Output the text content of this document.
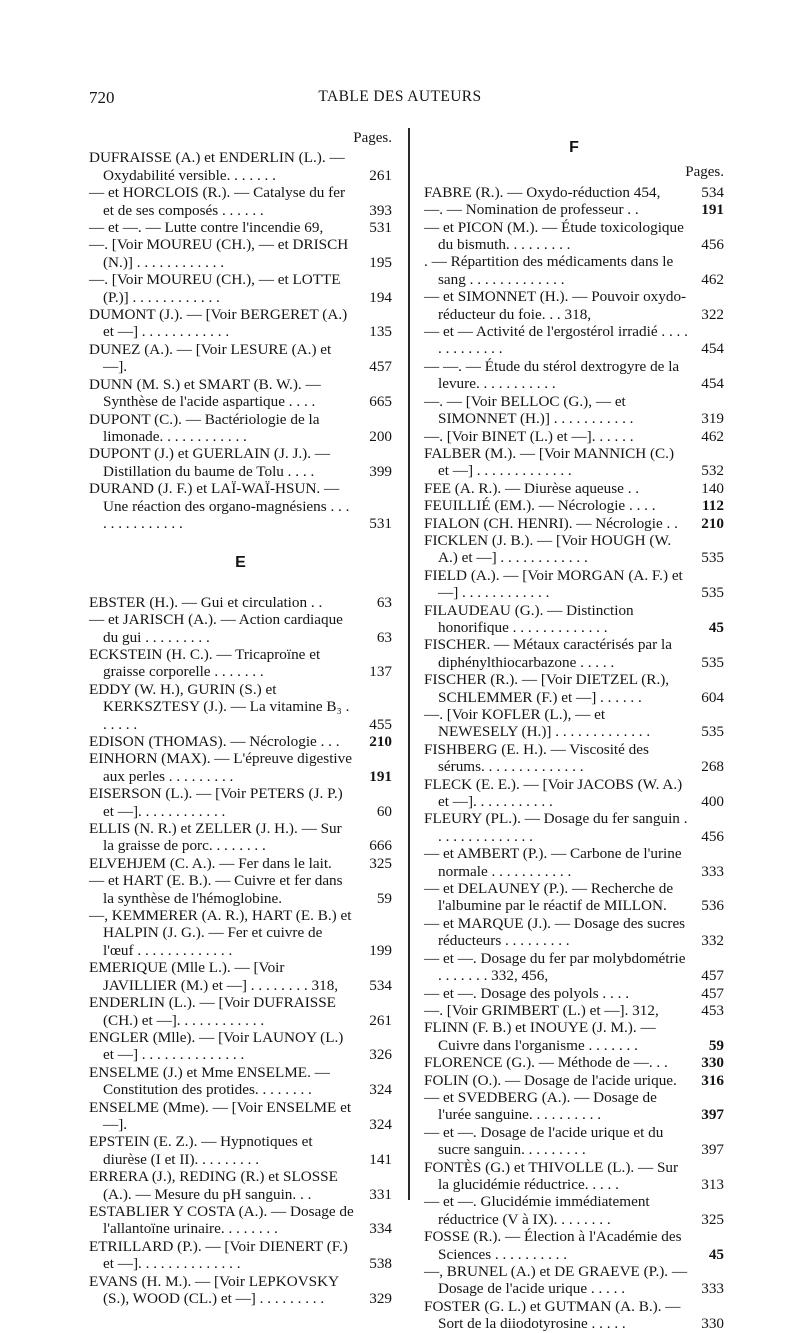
720	TABLE DES AUTEURS
Pages.
DUFRAISSE (A.) et ENDERLIN (L.). — Oxydabilité versible. . . . . . .	261
— et HORCLOIS (R.). — Catalyse du fer et de ses composés . . . . . .	393
— et —. — Lutte contre l'incendie 69,	531
—. [Voir MOUREU (CH.), — et DRISCH (N.)] . . . . . . . . . . . .	195
—. [Voir MOUREU (CH.), — et LOTTE (P.)] . . . . . . . . . . . .	194
DUMONT (J.). — [Voir BERGERET (A.) et —] . . . . . . . . . . . .	135
DUNEZ (A.). — [Voir LESURE (A.) et —].	457
DUNN (M. S.) et SMART (B. W.). — Synthèse de l'acide aspartique . . . .	665
DUPONT (C.). — Bactériologie de la limonade. . . . . . . . . . . .	200
DUPONT (J.) et GUERLAIN (J. J.). — Distillation du baume de Tolu . . . .	399
DURAND (J. F.) et LAÏ-WAÏ-HSUN. — Une réaction des organo-magnésiens . . . . . . . . . . . . . .	531
E
EBSTER (H.). — Gui et circulation . .	63
— et JARISCH (A.). — Action cardiaque du gui . . . . . . . . .	63
ECKSTEIN (H. C.). — Tricaproïne et graisse corporelle . . . . . . .	137
EDDY (W. H.), GURIN (S.) et KERKSZTESY (J.). — La vitamine B₃ . . . . . .	455
EDISON (THOMAS). — Nécrologie . . . 210
EINHORN (MAX). — L'épreuve digestive aux perles . . . . . . . . .	191
EISERSON (L.). — [Voir PETERS (J. P.) et —]. . . . . . . . . . . .	60
ELLIS (N. R.) et ZELLER (J. H.). — Sur la graisse de porc. . . . . . . .	666
ELVEHJEM (C. A.). — Fer dans le lait. 325
— et HART (E. B.). — Cuivre et fer dans la synthèse de l'hémoglobine.	59
—, KEMMERER (A. R.), HART (E. B.) et HALPIN (J. G.). — Fer et cuivre de l'œuf . . . . . . . . . . . . .	199
EMERIQUE (Mlle L.). — [Voir JAVILLIER (M.) et —] . . . . . . . . 318, 534
ENDERLIN (L.). — [Voir DUFRAISSE (CH.) et —]. . . . . . . . . . . .	261
ENGLER (Mlle). — [Voir LAUNOY (L.) et —] . . . . . . . . . . . . . .	326
ENSELME (J.) et Mme ENSELME. — Constitution des protides. . . . . . . .	324
ENSELME (Mme). — [Voir ENSELME et —].	324
EPSTEIN (E. Z.). — Hypnotiques et diurèse (I et II). . . . . . . . .	141
ERRERA (J.), REDING (R.) et SLOSSE (A.). — Mesure du pH sanguin. . .	331
ESTABLIER Y COSTA (A.). — Dosage de l'allantoïne urinaire. . . . . . . .	334
ETRILLARD (P.). — [Voir DIENERT (F.) et —]. . . . . . . . . . . . . .	538
EVANS (H. M.). — [Voir LEPKOVSKY (S.), WOOD (CL.) et —] . . . . . . . . .	329
F
Pages.
FABRE (R.). — Oxydo-réduction 454,	534
—. — Nomination de professeur . .	191
— et PICON (M.). — Étude toxicologique du bismuth. . . . . . . . .	456
. — Répartition des médicaments dans le sang . . . . . . . . . . . . .	462
— et SIMONNET (H.). — Pouvoir oxydo-réducteur du foie. . . 318,	322
— et — Activité de l'ergostérol irradié . . . . . . . . . . . . .	454
— —. — Étude du stérol dextrogyre de la levure. . . . . . . . . . .	454
—. — [Voir BELLOC (G.), — et SIMONNET (H.)] . . . . . . . . . . .	319
—. [Voir BINET (L.) et —]. . . . . .	462
FALBER (M.). — [Voir MANNICH (C.) et —] . . . . . . . . . . . . .	532
FEE (A. R.). — Diurèse aqueuse . .	140
FEUILLIÉ (EM.). — Nécrologie . . . .	112
FIALON (CH. HENRI). — Nécrologie . . 210
FICKLEN (J. B.). — [Voir HOUGH (W. A.) et —] . . . . . . . . . . . .	535
FIELD (A.). — [Voir MORGAN (A. F.) et —] . . . . . . . . . . . .	535
FILAUDEAU (G.). — Distinction honorifique . . . . . . . . . . . . .	45
FISCHER. — Métaux caractérisés par la diphénylthiocarbazone . . . . .	535
FISCHER (R.). — [Voir DIETZEL (R.), SCHLEMMER (F.) et —] . . . . . .	604
—. [Voir KOFLER (L.), — et NEWESELY (H.)] . . . . . . . . . . . . .	535
FISHBERG (E. H.). — Viscosité des sérums. . . . . . . . . . . . . .	268
FLECK (E. E.). — [Voir JACOBS (W. A.) et —]. . . . . . . . . . .	400
FLEURY (PL.). — Dosage du fer sanguin . . . . . . . . . . . . . .	456
— et AMBERT (P.). — Carbone de l'urine normale . . . . . . . . . . .	333
— et DELAUNEY (P.). — Recherche de l'albumine par le réactif de MILLON. 536
— et MARQUE (J.). — Dosage des sucres réducteurs . . . . . . . . .	332
— et —. Dosage du fer par molybdométrie . . . . . . . 332, 456,	457
— et —. Dosage des polyols . . . .	457
—. [Voir GRIMBERT (L.) et —]. 312,	453
FLINN (F. B.) et INOUYE (J. M.). — Cuivre dans l'organisme . . . . . . .	59
FLORENCE (G.). — Méthode de —. . . 330
FOLIN (O.). — Dosage de l'acide urique. 316
— et SVEDBERG (A.). — Dosage de l'urée sanguine. . . . . . . . . .	397
— et —. Dosage de l'acide urique et du sucre sanguin. . . . . . . . .	397
FONTÈS (G.) et THIVOLLE (L.). — Sur la glucidémie réductrice. . . . .	313
— et —. Glucidémie immédiatement réductrice (V à IX). . . . . . . .	325
FOSSE (R.). — Élection à l'Académie des Sciences . . . . . . . . . .	45
—, BRUNEL (A.) et DE GRAEVE (P.). — Dosage de l'acide urique . . . . .	333
FOSTER (G. L.) et GUTMAN (A. B.). — Sort de la diiodotyrosine . . . . .	330
